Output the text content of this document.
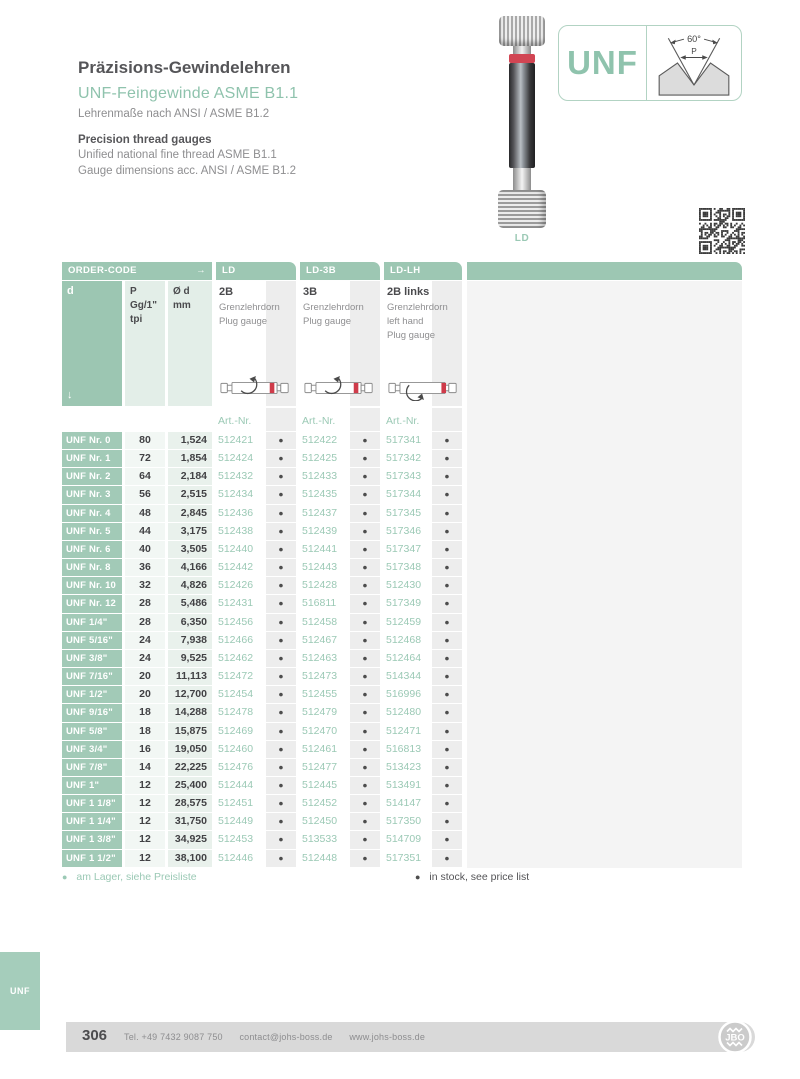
Präzisions-Gewindelehren
UNF-Feingewinde ASME B1.1
Lehrenmaße nach ANSI / ASME B1.2
Precision thread gauges

Unified national fine thread ASME B1.1

Gauge dimensions acc. ANSI / ASME B1.2

LD
UNF
60°
P
ORDER-CODE	→	LD	LD-3B	LD-LH
d
↓
P
Gg/1"
tpi
Ø d
mm
2B
Grenzlehrdorn
Plug gauge
3B
Grenzlehrdorn
Plug gauge
2B links
Grenzlehrdorn
left hand
Plug gauge
Art.-Nr.	Art.-Nr.	Art.-Nr.
UNF Nr. 0	80	1,524	512421	●	512422	●	517341	●
UNF Nr. 1	72	1,854	512424	●	512425	●	517342	●
UNF Nr. 2	64	2,184	512432	●	512433	●	517343	●
UNF Nr. 3	56	2,515	512434	●	512435	●	517344	●
UNF Nr. 4	48	2,845	512436	●	512437	●	517345	●
UNF Nr. 5	44	3,175	512438	●	512439	●	517346	●
UNF Nr. 6	40	3,505	512440	●	512441	●	517347	●
UNF Nr. 8	36	4,166	512442	●	512443	●	517348	●
UNF Nr. 10	32	4,826	512426	●	512428	●	512430	●
UNF Nr. 12	28	5,486	512431	●	516811	●	517349	●
UNF 1/4"	28	6,350	512456	●	512458	●	512459	●
UNF 5/16"	24	7,938	512466	●	512467	●	512468	●
UNF 3/8"	24	9,525	512462	●	512463	●	512464	●
UNF 7/16"	20	11,113	512472	●	512473	●	514344	●
UNF 1/2"	20	12,700	512454	●	512455	●	516996	●
UNF 9/16"	18	14,288	512478	●	512479	●	512480	●
UNF 5/8"	18	15,875	512469	●	512470	●	512471	●
UNF 3/4"	16	19,050	512460	●	512461	●	516813	●
UNF 7/8"	14	22,225	512476	●	512477	●	513423	●
UNF 1"	12	25,400	512444	●	512445	●	513491	●
UNF 1 1/8"	12	28,575	512451	●	512452	●	514147	●
UNF 1 1/4"	12	31,750	512449	●	512450	●	517350	●
UNF 1 3/8"	12	34,925	512453	●	513533	●	514709	●
UNF 1 1/2"	12	38,100	512446	●	512448	●	517351	●
● am Lager, siehe Preisliste	● in stock, see price list
UNF
306 Tel. +49 7432 9087 750 contact@johs-boss.de www.johs-boss.de	JBO
